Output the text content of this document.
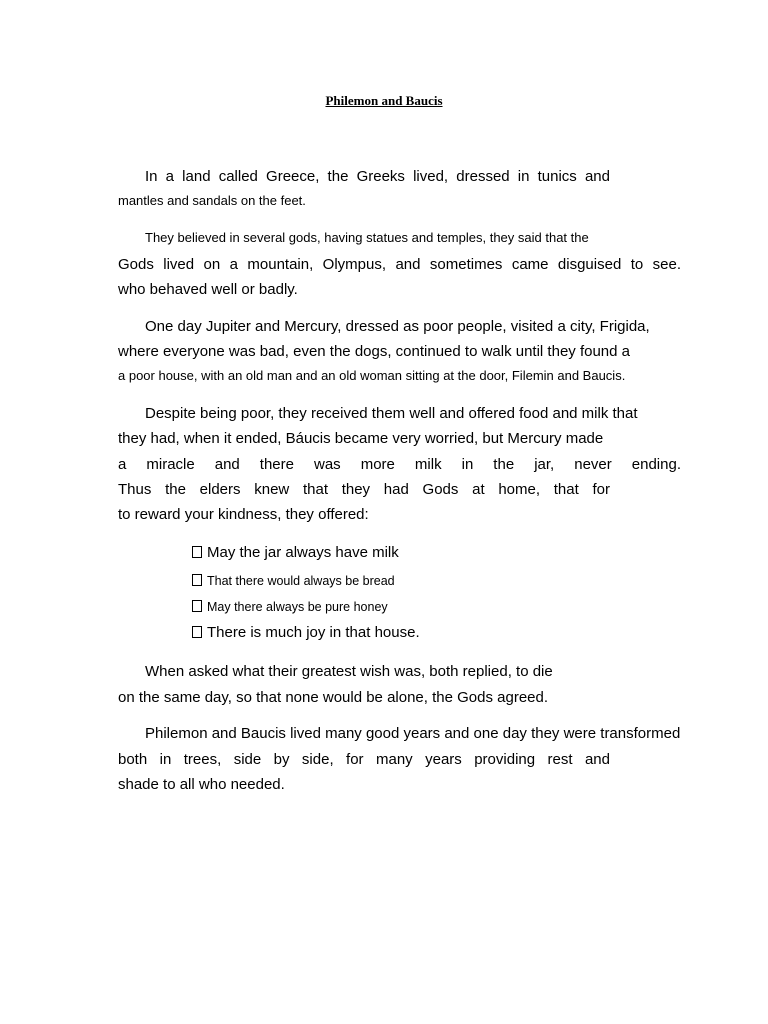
Philemon and Baucis
In a land called Greece, the Greeks lived, dressed in tunics and
mantles and sandals on the feet.
They believed in several gods, having statues and temples, they said that the
Gods lived on a mountain, Olympus, and sometimes came disguised to see.
who behaved well or badly.
One day Jupiter and Mercury, dressed as poor people, visited a city, Frigida,
where everyone was bad, even the dogs, continued to walk until they found a
a poor house, with an old man and an old woman sitting at the door, Filemin and Baucis.
Despite being poor, they received them well and offered food and milk that
they had, when it ended, Báucis became very worried, but Mercury made
a miracle and there was more milk in the jar, never ending.
Thus the elders knew that they had Gods at home, that for
to reward your kindness, they offered:
May the jar always have milk
That there would always be bread
May there always be pure honey
There is much joy in that house.
When asked what their greatest wish was, both replied, to die
on the same day, so that none would be alone, the Gods agreed.
Philemon and Baucis lived many good years and one day they were transformed
both in trees, side by side, for many years providing rest and
shade to all who needed.
